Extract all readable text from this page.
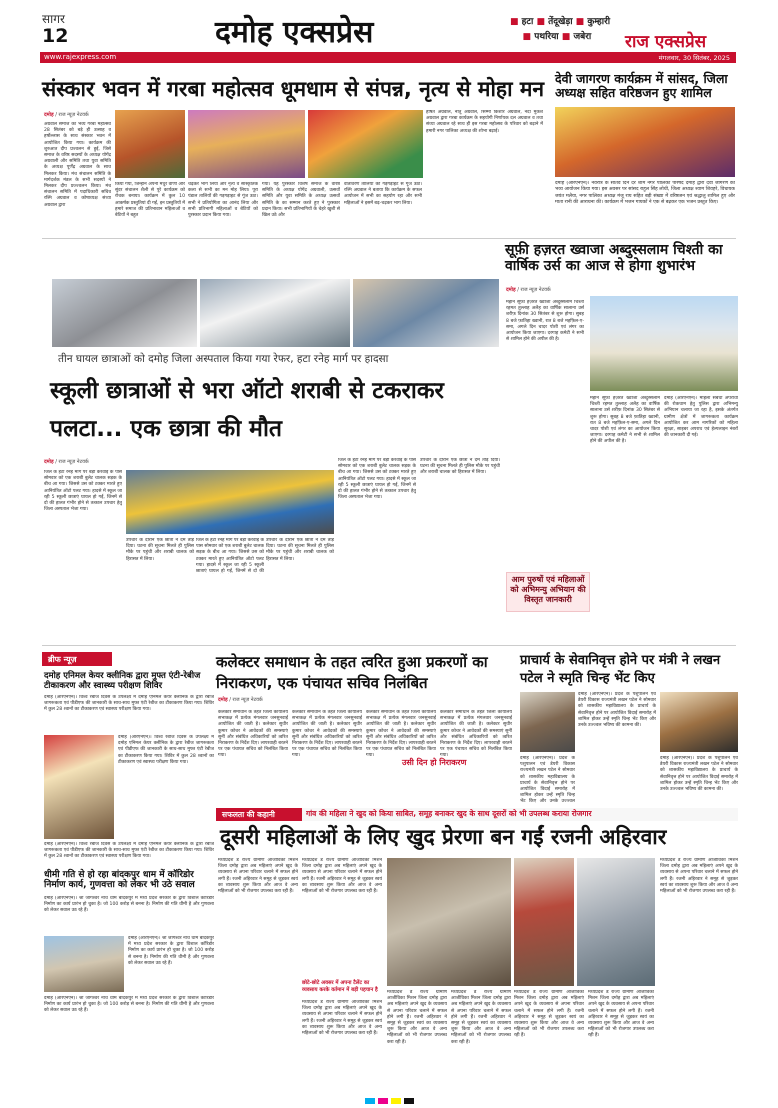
सागर
12	दमोह एक्सप्रेस	■ हटा ■ तेंदूखेड़ा ■ कुम्हारी
■ पथरिया ■ जबेरा	राज एक्सप्रेस
www.rajexpress.com	मंगलवार, 30 सितंबर, 2025
संस्कार भवन में गरबा महोत्सव धूमधाम से संपन्न, नृत्य से मोहा मन
दमोह / राज न्यूज़ नेटवर्क
अग्रवाल समाज का भव्य गरबा महोत्सव 28 सितंबर को बड़े ही उत्साह व हर्षोल्लास के साथ संस्कार भवन में आयोजित किया गया। कार्यक्रम की शुरुआत दीप प्रज्वलन से हुई, जिसे समाज के वरिष्ठ सदस्यों के अध्यक्ष योगेंद्र अग्रवाली और समिति तथा युवा समिति के अध्यक्ष पूर्णेंद्र अग्रवाल के साथ मिलकर किया। मंच संचालन समिति के मार्गदर्शक मंडल के सभी सदस्यों ने मिलकर दीप प्रज्ज्वलन किया। मंच संचालन समिति में पदाधिकारी सचिव रश्मि अग्रवाल व कोषाध्यक्ष संध्या अग्रवाल द्वारा
किया गया, जिन्होंने अपनी मधुर वाणी और सुंदर संचालन शैली से पूरे कार्यक्रम को रोचक बनाया। कार्यक्रम में कुल 10 आकर्षक प्रस्तुतियां दी गईं, इन प्रस्तुतियों में हमारे समाज की प्रतिभावान महिलाओं व बेटियों ने बहुत
चढ़कर भाग लिया और नृत्य व सांस्कृतिक कला से सभी का मन मोह लिया। पूरा पंडाल तालियों की गड़गड़ाहट से गूंज उठा। सभी ने प्रतियोगिता का आनंद लिया और सभी प्रतिभागी महिलाओं व बेटियों को पुरस्कार प्रदान किया गया।
गया। यह पुरस्कार विशेष समाज के वरिष्ठ समिति के अध्यक्ष योगेंद्र अग्रवाली, उत्सवों समिति और युवा समिति के अध्यक्ष उत्सवों समिति के का सम्मान करते हुए ने पुरस्कार प्रदान किया। सभी प्रतिभागियों के चेहरे खुशी से खिल उठे और
वातावरण तालियों की गड़गड़ाहट से गूंज उठा। रश्मि अग्रवाल ने बताया कि कार्यक्रम के सफल आयोजन में सभी का सहयोग रहा और सभी महिलाओं ने इसमें बढ़-चढ़कर भाग लिया।
हर्षित अग्रवाल, नीतू अग्रवाल, सिम्मी किशोर अग्रवाल, नंदा मुकेश अग्रवाल द्वारा गरबा कार्यक्रम के सहयोगी निर्णायक दल अग्रवाल व तथा संध्या अग्रवाल रहे साथ ही इस गरबा महोत्सव के परिवार को बढ़ाने में हमारी नगर पालिका अध्यक्ष की शोभा बढ़ाई।
देवी जागरण कार्यक्रम में सांसद, जिला अध्यक्ष सहित वरिष्ठजन हुए शामिल
दमोह (आरएनएन)। नवरात्र के सातवें दिन देर शाम नगर पालिका परिषद दमोह द्वारा देवी जागरण का भव्य आयोजन किया गया। इस अवसर पर सांसद राहुल सिंह लोधी, जिला अध्यक्ष श्याम शिवहरे, विधायक जयंत मलैया, नगर पालिका अध्यक्ष मंजू राय सहित बड़ी संख्या में वरिष्ठजन एवं श्रद्धालु शामिल हुए और माता रानी की आराधना की। कार्यक्रम में भजन गायकों ने एक से बढ़कर एक भजन प्रस्तुत किए।
सूफ़ी हज़रत ख्वाजा अब्दुस्सलाम चिश्ती का वार्षिक उर्स का आज से होगा शुभारंभ
दमोह / राज न्यूज़ नेटवर्क
महान सूफ़ी हज़रत ख्वाजा अब्दुस्सलाम चिश्ती रहमत तुल्लाह अलैह का वार्षिक सालाना उर्स शरीफ़ दिनांक 30 सितंबर से शुरू होगा। सुबह 8 बजे फ़ातिहा ख्वानी, रात 8 बजे महफ़िल-ए-समा, अगले दिन चादर पोशी एवं लंगर का आयोजन किया जाएगा। दरगाह कमेटी ने सभी से शामिल होने की अपील की है।
महान सूफ़ी हज़रत ख्वाजा अब्दुस्सलाम चिश्ती रहमत तुल्लाह अलैह का वार्षिक सालाना उर्स शरीफ़ दिनांक 30 सितंबर से शुरू होगा। सुबह 8 बजे फ़ातिहा ख्वानी, रात 8 बजे महफ़िल-ए-समा, अगले दिन चादर पोशी एवं लंगर का आयोजन किया जाएगा। दरगाह कमेटी ने सभी से शामिल होने की अपील की है।
दमोह (आरएनएन)। महिला संबंधी अपराधों की रोकथाम हेतु पुलिस द्वारा अभिमन्यु अभियान चलाया जा रहा है, इसके अंतर्गत ग्रामीण क्षेत्रों में जागरूकता कार्यक्रम आयोजित कर आम नागरिकों को महिला सुरक्षा, साइबर अपराध एवं हेल्पलाइन नंबरों की जानकारी दी गई।
तीन घायल छात्राओं को दमोह जिला अस्पताल किया गया रेफर, हटा रनेह मार्ग पर हादसा
स्कूली छात्राओं से भरा ऑटो शराबी से टकराकर पलटा... एक छात्रा की मौत
दमोह / राज न्यूज़ नेटवर्क
जिले के हटा रनेह मार्ग पर बड़ी करवाई के पास सोमवार को एक शराबी बुलेट चालक सड़क के बीच आ गया। जिससे उस को टक्कर मारते हुए आनियंत्रित ऑटो पलट गया। हादसे में स्कूल जा रही 5 स्कूली छात्राएं घायल हो गईं, जिनमें से दो की हालत गंभीर होने से तत्काल उपचार हेतु जिला अस्पताल भेजा गया।
उपचार के दौरान एक छात्रा ने दम तोड़ दिया। घटना की सूचना मिलते ही पुलिस मौके पर पहुंची और शराबी चालक को हिरासत में लिया।
जिले के हटा रनेह मार्ग पर बड़ी करवाई के पास सोमवार को एक शराबी बुलेट चालक सड़क के बीच आ गया। जिससे उस को टक्कर मारते हुए आनियंत्रित ऑटो पलट गया। हादसे में स्कूल जा रही 5 स्कूली छात्राएं घायल हो गईं, जिनमें से दो की
उपचार के दौरान एक छात्रा ने दम तोड़ दिया। घटना की सूचना मिलते ही पुलिस मौके पर पहुंची और शराबी चालक को हिरासत में लिया।
जिले के हटा रनेह मार्ग पर बड़ी करवाई के पास सोमवार को एक शराबी बुलेट चालक सड़क के बीच आ गया। जिससे उस को टक्कर मारते हुए आनियंत्रित ऑटो पलट गया। हादसे में स्कूल जा रही 5 स्कूली छात्राएं घायल हो गईं, जिनमें से दो की हालत गंभीर होने से तत्काल उपचार हेतु जिला अस्पताल भेजा गया।
उपचार के दौरान एक छात्रा ने दम तोड़ दिया। घटना की सूचना मिलते ही पुलिस मौके पर पहुंची और शराबी चालक को हिरासत में लिया।
आम पुरुषों एवं महिलाओं को अभिमन्यु अभियान की विस्तृत जानकारी
ब्रीफ न्यूज़
दमोह एनिमल केयर क्लीनिक द्वारा मुफ्त एंटी-रेबीज टीकाकरण और स्वास्थ्य परीक्षण शिविर
दमोह (आरएनएन)। विश्व रेबीज दिवस के उपलक्ष्य में दमोह एनिमल केयर क्लीनिक के द्वारा रेबीज जागरूकता एवं पीडीएफ की जानकारी के साथ-साथ मुफ्त एंटी रेबीज का टीकाकरण किया गया। शिविर में कुल 28 श्वानों का टीकाकरण एवं स्वास्थ्य परीक्षण किया गया।
दमोह (आरएनएन)। विश्व रेबीज दिवस के उपलक्ष्य में दमोह एनिमल केयर क्लीनिक के द्वारा रेबीज जागरूकता एवं पीडीएफ की जानकारी के साथ-साथ मुफ्त एंटी रेबीज का टीकाकरण किया गया। शिविर में कुल 28 श्वानों का टीकाकरण एवं स्वास्थ्य परीक्षण किया गया।
दमोह (आरएनएन)। विश्व रेबीज दिवस के उपलक्ष्य में दमोह एनिमल केयर क्लीनिक के द्वारा रेबीज जागरूकता एवं पीडीएफ की जानकारी के साथ-साथ मुफ्त एंटी रेबीज का टीकाकरण किया गया। शिविर में कुल 28 श्वानों का टीकाकरण एवं स्वास्थ्य परीक्षण किया गया।
धीमी गति से हो रहा बांदकपुर धाम में कॉरिडोर निर्माण कार्य, गुणवत्ता को लेकर भी उठे सवाल
दमोह (आरएनएन)। श्री जागेश्वर नाथ धाम बांदकपुर में मध्य प्रदेश सरकार के द्वारा विशाल कॉरिडोर निर्माण का कार्य प्रारंभ हो चुका है। जो 100 करोड़ से बनना है। निर्माण की गति धीमी है और गुणवत्ता को लेकर सवाल उठ रहे हैं।
दमोह (आरएनएन)। श्री जागेश्वर नाथ धाम बांदकपुर में मध्य प्रदेश सरकार के द्वारा विशाल कॉरिडोर निर्माण का कार्य प्रारंभ हो चुका है। जो 100 करोड़ से बनना है। निर्माण की गति धीमी है और गुणवत्ता को लेकर सवाल उठ रहे हैं।
दमोह (आरएनएन)। श्री जागेश्वर नाथ धाम बांदकपुर में मध्य प्रदेश सरकार के द्वारा विशाल कॉरिडोर निर्माण का कार्य प्रारंभ हो चुका है। जो 100 करोड़ से बनना है। निर्माण की गति धीमी है और गुणवत्ता को लेकर सवाल उठ रहे हैं।
कलेक्टर समाधान के तहत त्वरित हुआ प्रकरणों का निराकरण, एक पंचायत सचिव निलंबित
दमोह / राज न्यूज़ नेटवर्क
कलेक्टर समाधान के तहत जिला कार्यालय सभाकक्ष में प्रत्येक मंगलवार जनसुनवाई आयोजित की जाती है। कलेक्टर सुधीर कुमार कोचर ने आवेदकों की समस्याएं सुनीं और संबंधित अधिकारियों को त्वरित निराकरण के निर्देश दिए। लापरवाही बरतने पर एक पंचायत सचिव को निलंबित किया गया।
कलेक्टर समाधान के तहत जिला कार्यालय सभाकक्ष में प्रत्येक मंगलवार जनसुनवाई आयोजित की जाती है। कलेक्टर सुधीर कुमार कोचर ने आवेदकों की समस्याएं सुनीं और संबंधित अधिकारियों को त्वरित निराकरण के निर्देश दिए। लापरवाही बरतने पर एक पंचायत सचिव को निलंबित किया गया।
कलेक्टर समाधान के तहत जिला कार्यालय सभाकक्ष में प्रत्येक मंगलवार जनसुनवाई आयोजित की जाती है। कलेक्टर सुधीर कुमार कोचर ने आवेदकों की समस्याएं सुनीं और संबंधित अधिकारियों को त्वरित निराकरण के निर्देश दिए। लापरवाही बरतने पर एक पंचायत सचिव को निलंबित किया गया।
कलेक्टर समाधान के तहत जिला कार्यालय सभाकक्ष में प्रत्येक मंगलवार जनसुनवाई आयोजित की जाती है। कलेक्टर सुधीर कुमार कोचर ने आवेदकों की समस्याएं सुनीं और संबंधित अधिकारियों को त्वरित निराकरण के निर्देश दिए। लापरवाही बरतने पर एक पंचायत सचिव को निलंबित किया
उसी दिन हो निराकरण
प्राचार्य के सेवानिवृत्त होने पर मंत्री ने लखन पटेल ने स्मृति चिन्ह भेंट किए
दमोह (आरएनएन)। प्रदेश के पशुपालन एवं डेयरी विकास राज्यमंत्री लखन पटेल ने सोमवार को शासकीय महाविद्यालय के प्राचार्य के सेवानिवृत्त होने पर आयोजित विदाई समारोह में शामिल होकर उन्हें स्मृति चिन्ह भेंट किए और उनके उज्ज्वल भविष्य की कामना की।
दमोह (आरएनएन)। प्रदेश के पशुपालन एवं डेयरी विकास राज्यमंत्री लखन पटेल ने सोमवार को शासकीय महाविद्यालय के प्राचार्य के सेवानिवृत्त होने पर आयोजित विदाई समारोह में शामिल होकर उन्हें स्मृति चिन्ह भेंट किए और उनके उज्ज्वल भविष्य की कामना की।
दमोह (आरएनएन)। प्रदेश के पशुपालन एवं डेयरी विकास राज्यमंत्री लखन पटेल ने सोमवार को शासकीय महाविद्यालय के प्राचार्य के सेवानिवृत्त होने पर आयोजित विदाई समारोह में शामिल होकर उन्हें स्मृति चिन्ह भेंट किए और उनके उज्ज्वल
सफलता की कहानी	गांव की महिला ने खुद को किया साबित, समूह बनाकर खुद के साथ दूसरों को भी उपलब्ध कराया रोजगार
दूसरी महिलाओं के लिए खुद प्रेरणा बन गईं रजनी अहिरवार
मध्यप्रदेश डे राज्य ग्रामीण आजीविका मिशन जिला दमोह द्वारा अब महिलाएं अपने खुद के व्यवसाय से अपना परिवार चलाने में सफल होने लगी हैं। रजनी अहिरवार ने समूह से जुड़कर स्वयं का व्यवसाय शुरू किया और आज वे अन्य महिलाओं को भी रोजगार उपलब्ध करा रही हैं।
मध्यप्रदेश डे राज्य ग्रामीण आजीविका मिशन जिला दमोह द्वारा अब महिलाएं अपने खुद के व्यवसाय से अपना परिवार चलाने में सफल होने लगी हैं। रजनी अहिरवार ने समूह से जुड़कर स्वयं का व्यवसाय शुरू किया और आज वे अन्य महिलाओं को भी रोजगार उपलब्ध करा रही हैं।
छोटे-छोटे अवसर में अपना टैलेंट का व्यवसाय करके वर्तमान में बड़ी पहचान है
मध्यप्रदेश डे राज्य ग्रामीण आजीविका मिशन जिला दमोह द्वारा अब महिलाएं अपने खुद के व्यवसाय से अपना परिवार चलाने में सफल होने लगी हैं। रजनी अहिरवार ने समूह से जुड़कर स्वयं का व्यवसाय शुरू किया और आज वे अन्य महिलाओं को भी रोजगार उपलब्ध करा रही हैं।
मध्यप्रदेश डे राज्य ग्रामीण आजीविका मिशन जिला दमोह द्वारा अब महिलाएं अपने खुद के व्यवसाय से अपना परिवार चलाने में सफल होने लगी हैं। रजनी अहिरवार ने समूह से जुड़कर स्वयं का व्यवसाय शुरू किया और आज वे अन्य महिलाओं को भी रोजगार उपलब्ध करा रही हैं।
मध्यप्रदेश डे राज्य ग्रामीण आजीविका मिशन जिला दमोह द्वारा अब महिलाएं अपने खुद के व्यवसाय से अपना परिवार चलाने में सफल होने लगी हैं। रजनी अहिरवार ने समूह से जुड़कर स्वयं का व्यवसाय शुरू किया और आज वे अन्य महिलाओं को भी रोजगार उपलब्ध करा रही हैं।
मध्यप्रदेश डे राज्य ग्रामीण आजीविका मिशन जिला दमोह द्वारा अब महिलाएं अपने खुद के व्यवसाय से अपना परिवार चलाने में सफल होने लगी हैं। रजनी अहिरवार ने समूह से जुड़कर स्वयं का व्यवसाय शुरू किया और आज वे अन्य महिलाओं को भी रोजगार उपलब्ध करा रही हैं।
मध्यप्रदेश डे राज्य ग्रामीण आजीविका मिशन जिला दमोह द्वारा अब महिलाएं अपने खुद के व्यवसाय से अपना परिवार चलाने में सफल होने लगी हैं। रजनी अहिरवार ने समूह से जुड़कर स्वयं का व्यवसाय शुरू किया और आज वे अन्य महिलाओं को भी रोजगार उपलब्ध करा रही हैं।
मध्यप्रदेश डे राज्य ग्रामीण आजीविका मिशन जिला दमोह द्वारा अब महिलाएं अपने खुद के व्यवसाय से अपना परिवार चलाने में सफल होने लगी हैं। रजनी अहिरवार ने समूह से जुड़कर स्वयं का व्यवसाय शुरू किया और आज वे अन्य महिलाओं को भी रोजगार उपलब्ध करा रही हैं।
